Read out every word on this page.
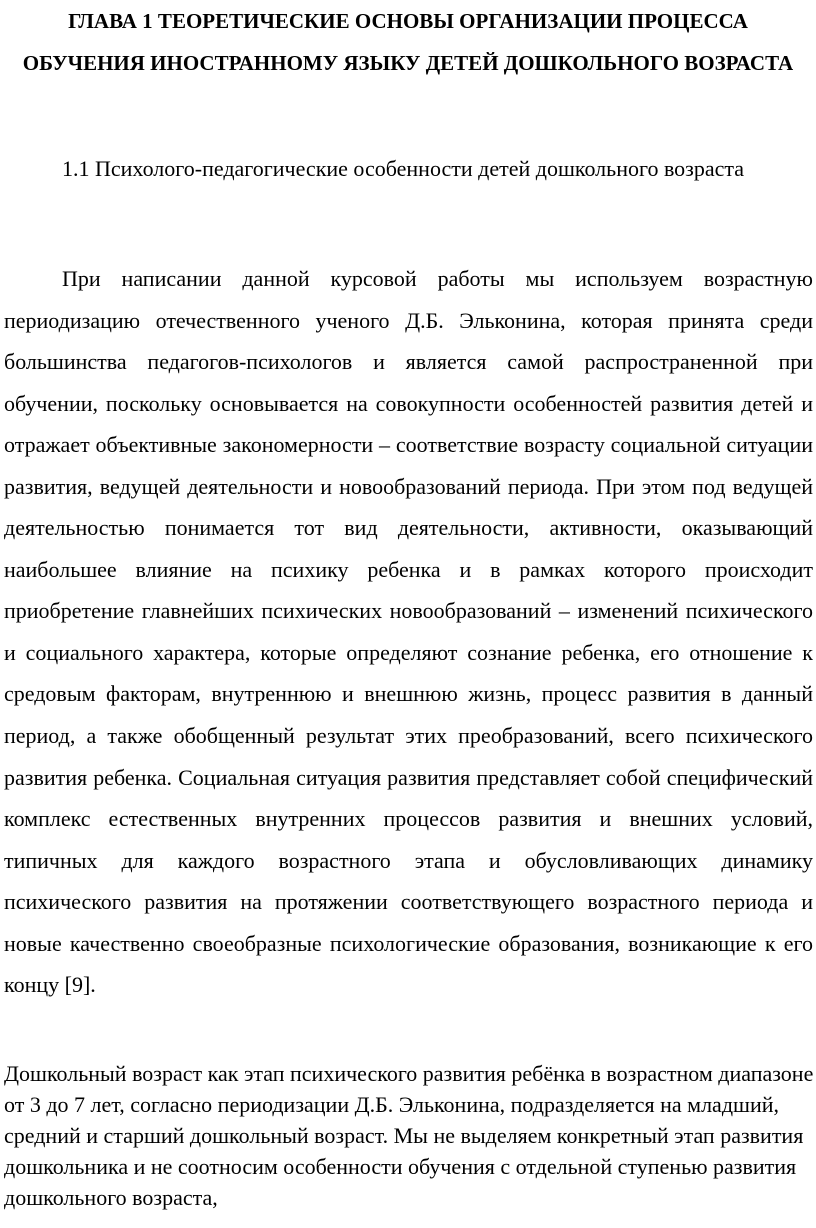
ГЛАВА 1 ТЕОРЕТИЧЕСКИЕ ОСНОВЫ ОРГАНИЗАЦИИ ПРОЦЕССА ОБУЧЕНИЯ ИНОСТРАННОМУ ЯЗЫКУ ДЕТЕЙ ДОШКОЛЬНОГО ВОЗРАСТА
1.1 Психолого-педагогические особенности детей дошкольного возраста

При написании данной курсовой работы мы используем возрастную периодизацию отечественного ученого Д.Б. Эльконина, которая принята среди большинства педагогов-психологов и является самой распространенной при обучении, поскольку основывается на совокупности особенностей развития детей и отражает объективные закономерности – соответствие возрасту социальной ситуации развития, ведущей деятельности и новообразований периода. При этом под ведущей деятельностью понимается тот вид деятельности, активности, оказывающий наибольшее влияние на психику ребенка и в рамках которого происходит приобретение главнейших психических новообразований – изменений психического и социального характера, которые определяют сознание ребенка, его отношение к средовым факторам, внутреннюю и внешнюю жизнь, процесс развития в данный период, а также обобщенный результат этих преобразований, всего психического развития ребенка. Социальная ситуация развития представляет собой специфический комплекс естественных внутренних процессов развития и внешних условий, типичных для каждого возрастного этапа и обусловливающих динамику психического развития на протяжении соответствующего возрастного периода и новые качественно своеобразные психологические образования, возникающие к его концу [9].

Дошкольный возраст как этап психического развития ребёнка в возрастном диапазоне от 3 до 7 лет, согласно периодизации Д.Б. Эльконина, подразделяется на младший, средний и старший дошкольный возраст. Мы не выделяем конкретный этап развития дошкольника и не соотносим особенности обучения с отдельной ступенью развития дошкольного возраста,
